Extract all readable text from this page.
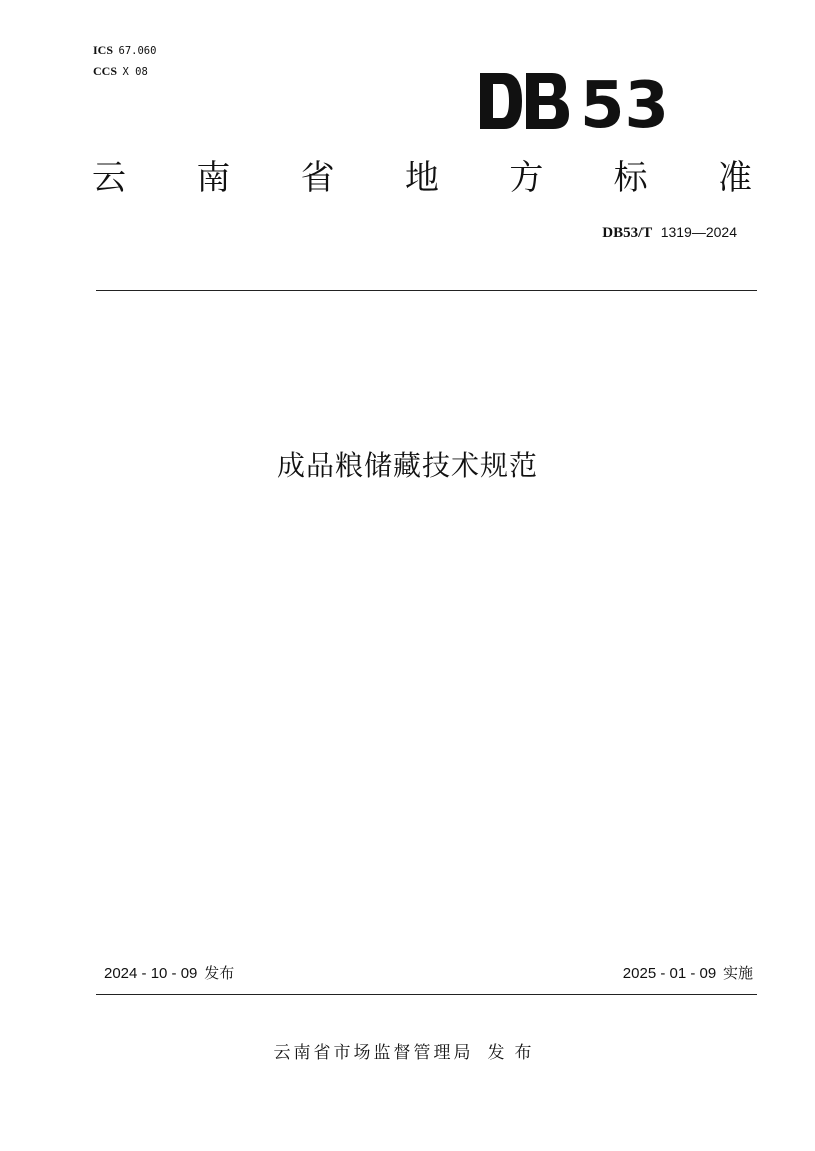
ICS 67.060
CCS X 08	53
云 南 省 地 方 标 准
DB53/T 1319—2024
成品粮储藏技术规范
2024 - 10 - 09 发布	2025 - 01 - 09 实施
云南省市场监督管理局 发布
